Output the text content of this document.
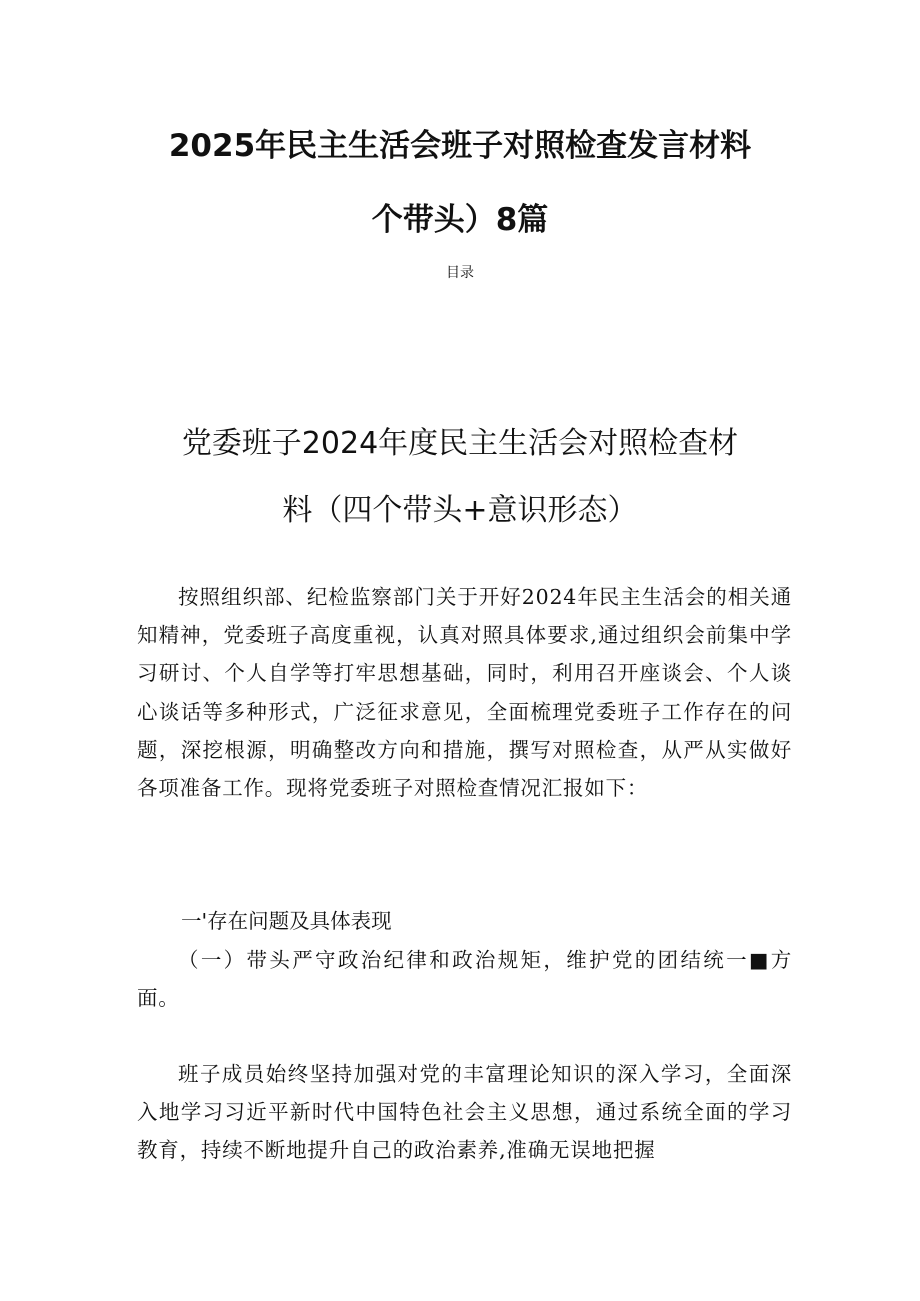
2025年民主生活会班子对照检查发言材料
个带头）8篇
目录
党委班子2024年度民主生活会对照检查材
料（四个带头+意识形态）

按照组织部、纪检监察部门关于开好2024年民主生活会的相关通知精神，党委班子高度重视，认真对照具体要求,通过组织会前集中学习研讨、个人自学等打牢思想基础，同时，利用召开座谈会、个人谈心谈话等多种形式，广泛征求意见，全面梳理党委班子工作存在的问题，深挖根源，明确整改方向和措施，撰写对照检查，从严从实做好各项准备工作。现将党委班子对照检查情况汇报如下：

一'存在问题及具体表现

（一）带头严守政治纪律和政治规矩，维护党的团结统一■方面。

班子成员始终坚持加强对党的丰富理论知识的深入学习，全面深入地学习习近平新时代中国特色社会主义思想，通过系统全面的学习教育，持续不断地提升自己的政治素养,准确无误地把握
